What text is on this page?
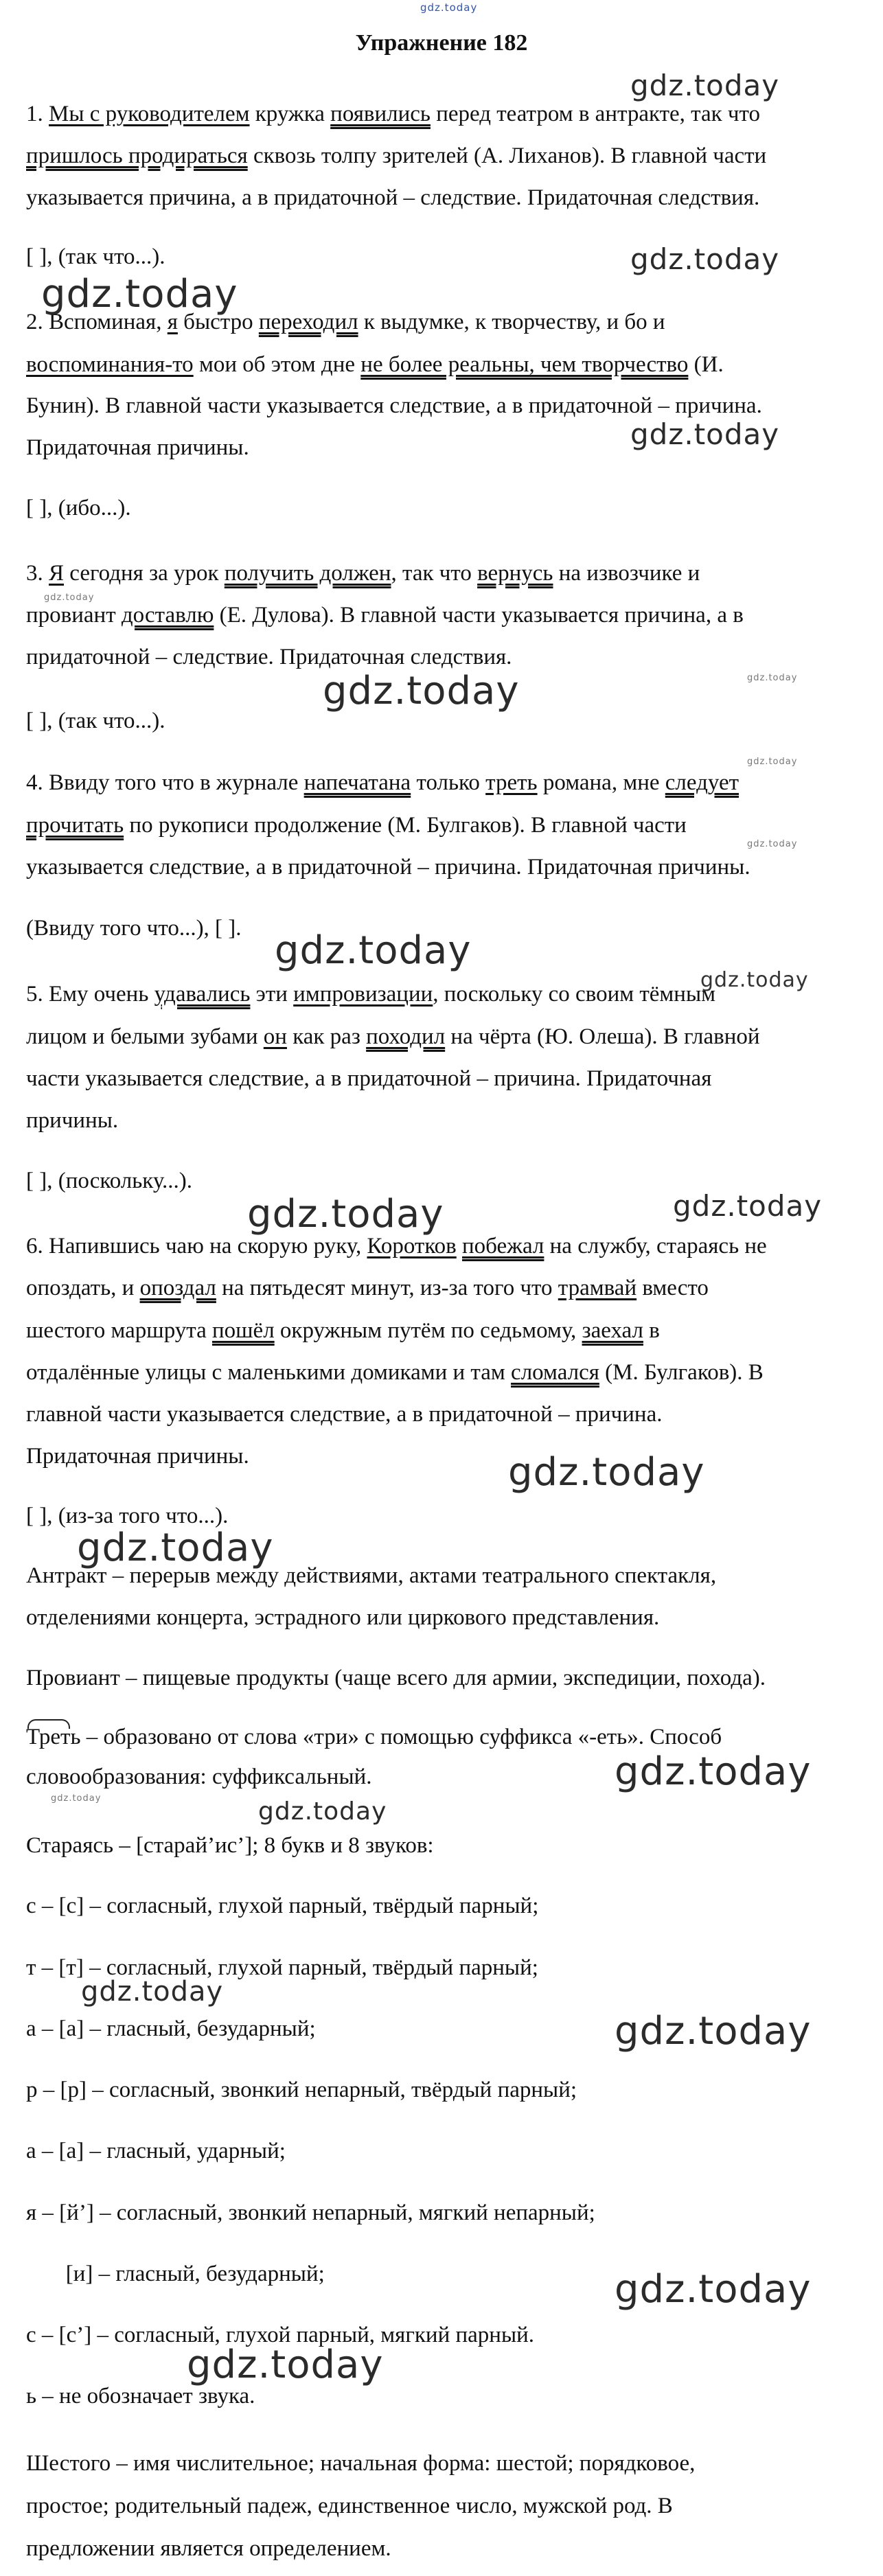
gdz.today
Упражнение 182
1. Мы с руководителем кружка появились перед театром в антракте, так что
пришлось продираться сквозь толпу зрителей (А. Лиханов). В главной части
указывается причина, а в придаточной – следствие. Придаточная следствия.
[ ], (так что...).
2. Вспоминая, я быстро переходил к выдумке, к творчеству, и бо и
воспоминания-то мои об этом дне не более реальны, чем творчество (И.
Бунин). В главной части указывается следствие, а в придаточной – причина.
Придаточная причины.
[ ], (ибо...).
3. Я сегодня за урок получить должен, так что вернусь на извозчике и
провиант доставлю (Е. Дулова). В главной части указывается причина, а в
придаточной – следствие. Придаточная следствия.
[ ], (так что...).
4. Ввиду того что в журнале напечатана только треть романа, мне следует
прочитать по рукописи продолжение (М. Булгаков). В главной части
указывается следствие, а в придаточной – причина. Придаточная причины.
(Ввиду того что...), [ ].
5. Ему очень удавались эти импровизации, поскольку со своим тёмным
лицом и белыми зубами он как раз походил на чёрта (Ю. Олеша). В главной
части указывается следствие, а в придаточной – причина. Придаточная
причины.
[ ], (поскольку...).
6. Напившись чаю на скорую руку, Коротков побежал на службу, стараясь не
опоздать, и опоздал на пятьдесят минут, из-за того что трамвай вместо
шестого маршрута пошёл окружным путём по седьмому, заехал в
отдалённые улицы с маленькими домиками и там сломался (М. Булгаков). В
главной части указывается следствие, а в придаточной – причина.
Придаточная причины.
[ ], (из-за того что...).
Антракт – перерыв между действиями, актами театрального спектакля,
отделениями концерта, эстрадного или циркового представления.
Провиант – пищевые продукты (чаще всего для армии, экспедиции, похода).
Треть – образовано от слова «три» с помощью суффикса «-еть». Способ
словообразования: суффиксальный.
Стараясь – [старай’ис’]; 8 букв и 8 звуков:
с – [с] – согласный, глухой парный, твёрдый парный;
т – [т] – согласный, глухой парный, твёрдый парный;
а – [а] – гласный, безударный;
р – [р] – согласный, звонкий непарный, твёрдый парный;
а – [а] – гласный, ударный;
я – [й’] – согласный, звонкий непарный, мягкий непарный;
[и] – гласный, безударный;
с – [с’] – согласный, глухой парный, мягкий парный.
ь – не обозначает звука.
Шестого – имя числительное; начальная форма: шестой; порядковое,
простое; родительный падеж, единственное число, мужской род. В
предложении является определением.
gdz.today
gdz.today
gdz.today
gdz.today
gdz.today
gdz.today	gdz.today
gdz.today
gdz.today
gdz.today
gdz.today
gdz.today	gdz.today
gdz.today
gdz.today
gdz.today
gdz.today
gdz.today
gdz.today
gdz.today
gdz.today
gdz.today
